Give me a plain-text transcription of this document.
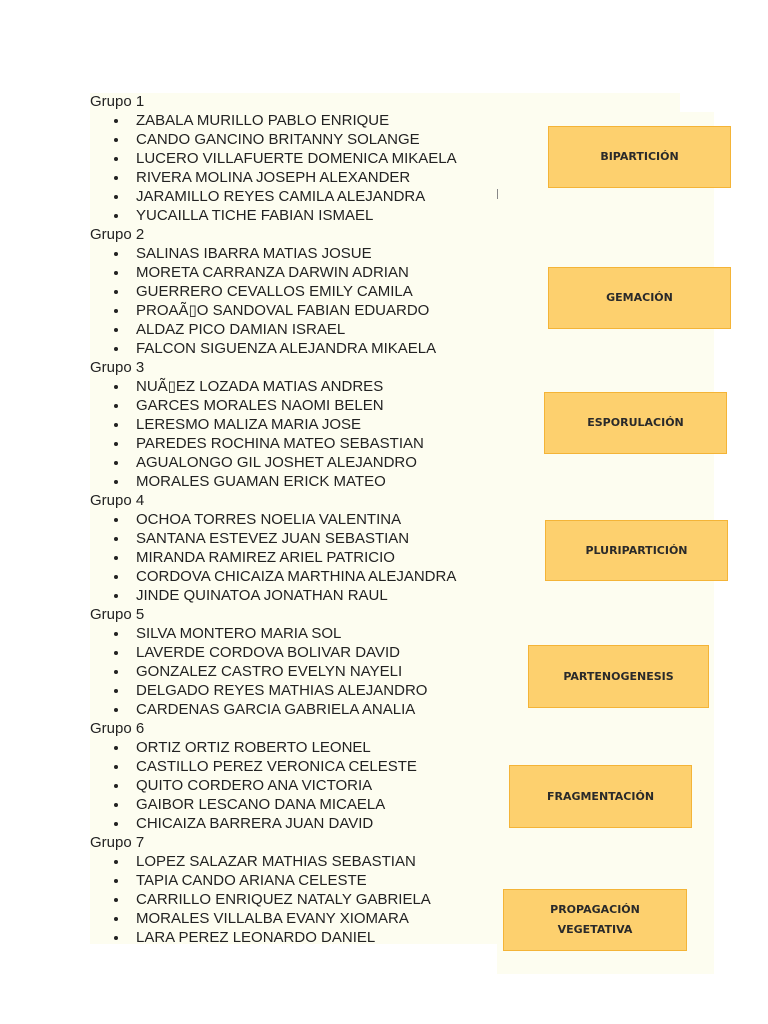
Grupo 1
ZABALA MURILLO PABLO ENRIQUE
CANDO GANCINO BRITANNY SOLANGE
LUCERO VILLAFUERTE DOMENICA MIKAELA
RIVERA MOLINA JOSEPH ALEXANDER
JARAMILLO REYES CAMILA ALEJANDRA
YUCAILLA TICHE FABIAN ISMAEL
Grupo 2
SALINAS IBARRA MATIAS JOSUE
MORETA CARRANZA DARWIN ADRIAN
GUERRERO CEVALLOS EMILY CAMILA
PROAÃ▯O SANDOVAL FABIAN EDUARDO
ALDAZ PICO DAMIAN ISRAEL
FALCON SIGUENZA ALEJANDRA MIKAELA
Grupo 3
NUÃ▯EZ LOZADA MATIAS ANDRES
GARCES MORALES NAOMI BELEN
LERESMO MALIZA MARIA JOSE
PAREDES ROCHINA MATEO SEBASTIAN
AGUALONGO GIL JOSHET ALEJANDRO
MORALES GUAMAN ERICK MATEO
Grupo 4
OCHOA TORRES NOELIA VALENTINA
SANTANA ESTEVEZ JUAN SEBASTIAN
MIRANDA RAMIREZ ARIEL PATRICIO
CORDOVA CHICAIZA MARTHINA ALEJANDRA
JINDE QUINATOA JONATHAN RAUL
Grupo 5
SILVA MONTERO MARIA SOL
LAVERDE CORDOVA BOLIVAR DAVID
GONZALEZ CASTRO EVELYN NAYELI
DELGADO REYES MATHIAS ALEJANDRO
CARDENAS GARCIA GABRIELA ANALIA
Grupo 6
ORTIZ ORTIZ ROBERTO LEONEL
CASTILLO PEREZ VERONICA CELESTE
QUITO CORDERO ANA VICTORIA
GAIBOR LESCANO DANA MICAELA
CHICAIZA BARRERA JUAN DAVID
Grupo 7
LOPEZ SALAZAR MATHIAS SEBASTIAN
TAPIA CANDO ARIANA CELESTE
CARRILLO ENRIQUEZ NATALY GABRIELA
MORALES VILLALBA EVANY XIOMARA
LARA PEREZ LEONARDO DANIEL
BIPARTICIÓN
GEMACIÓN
ESPORULACIÓN
PLURIPARTICIÓN
PARTENOGENESIS
FRAGMENTACIÓN
PROPAGACIÓN VEGETATIVA
